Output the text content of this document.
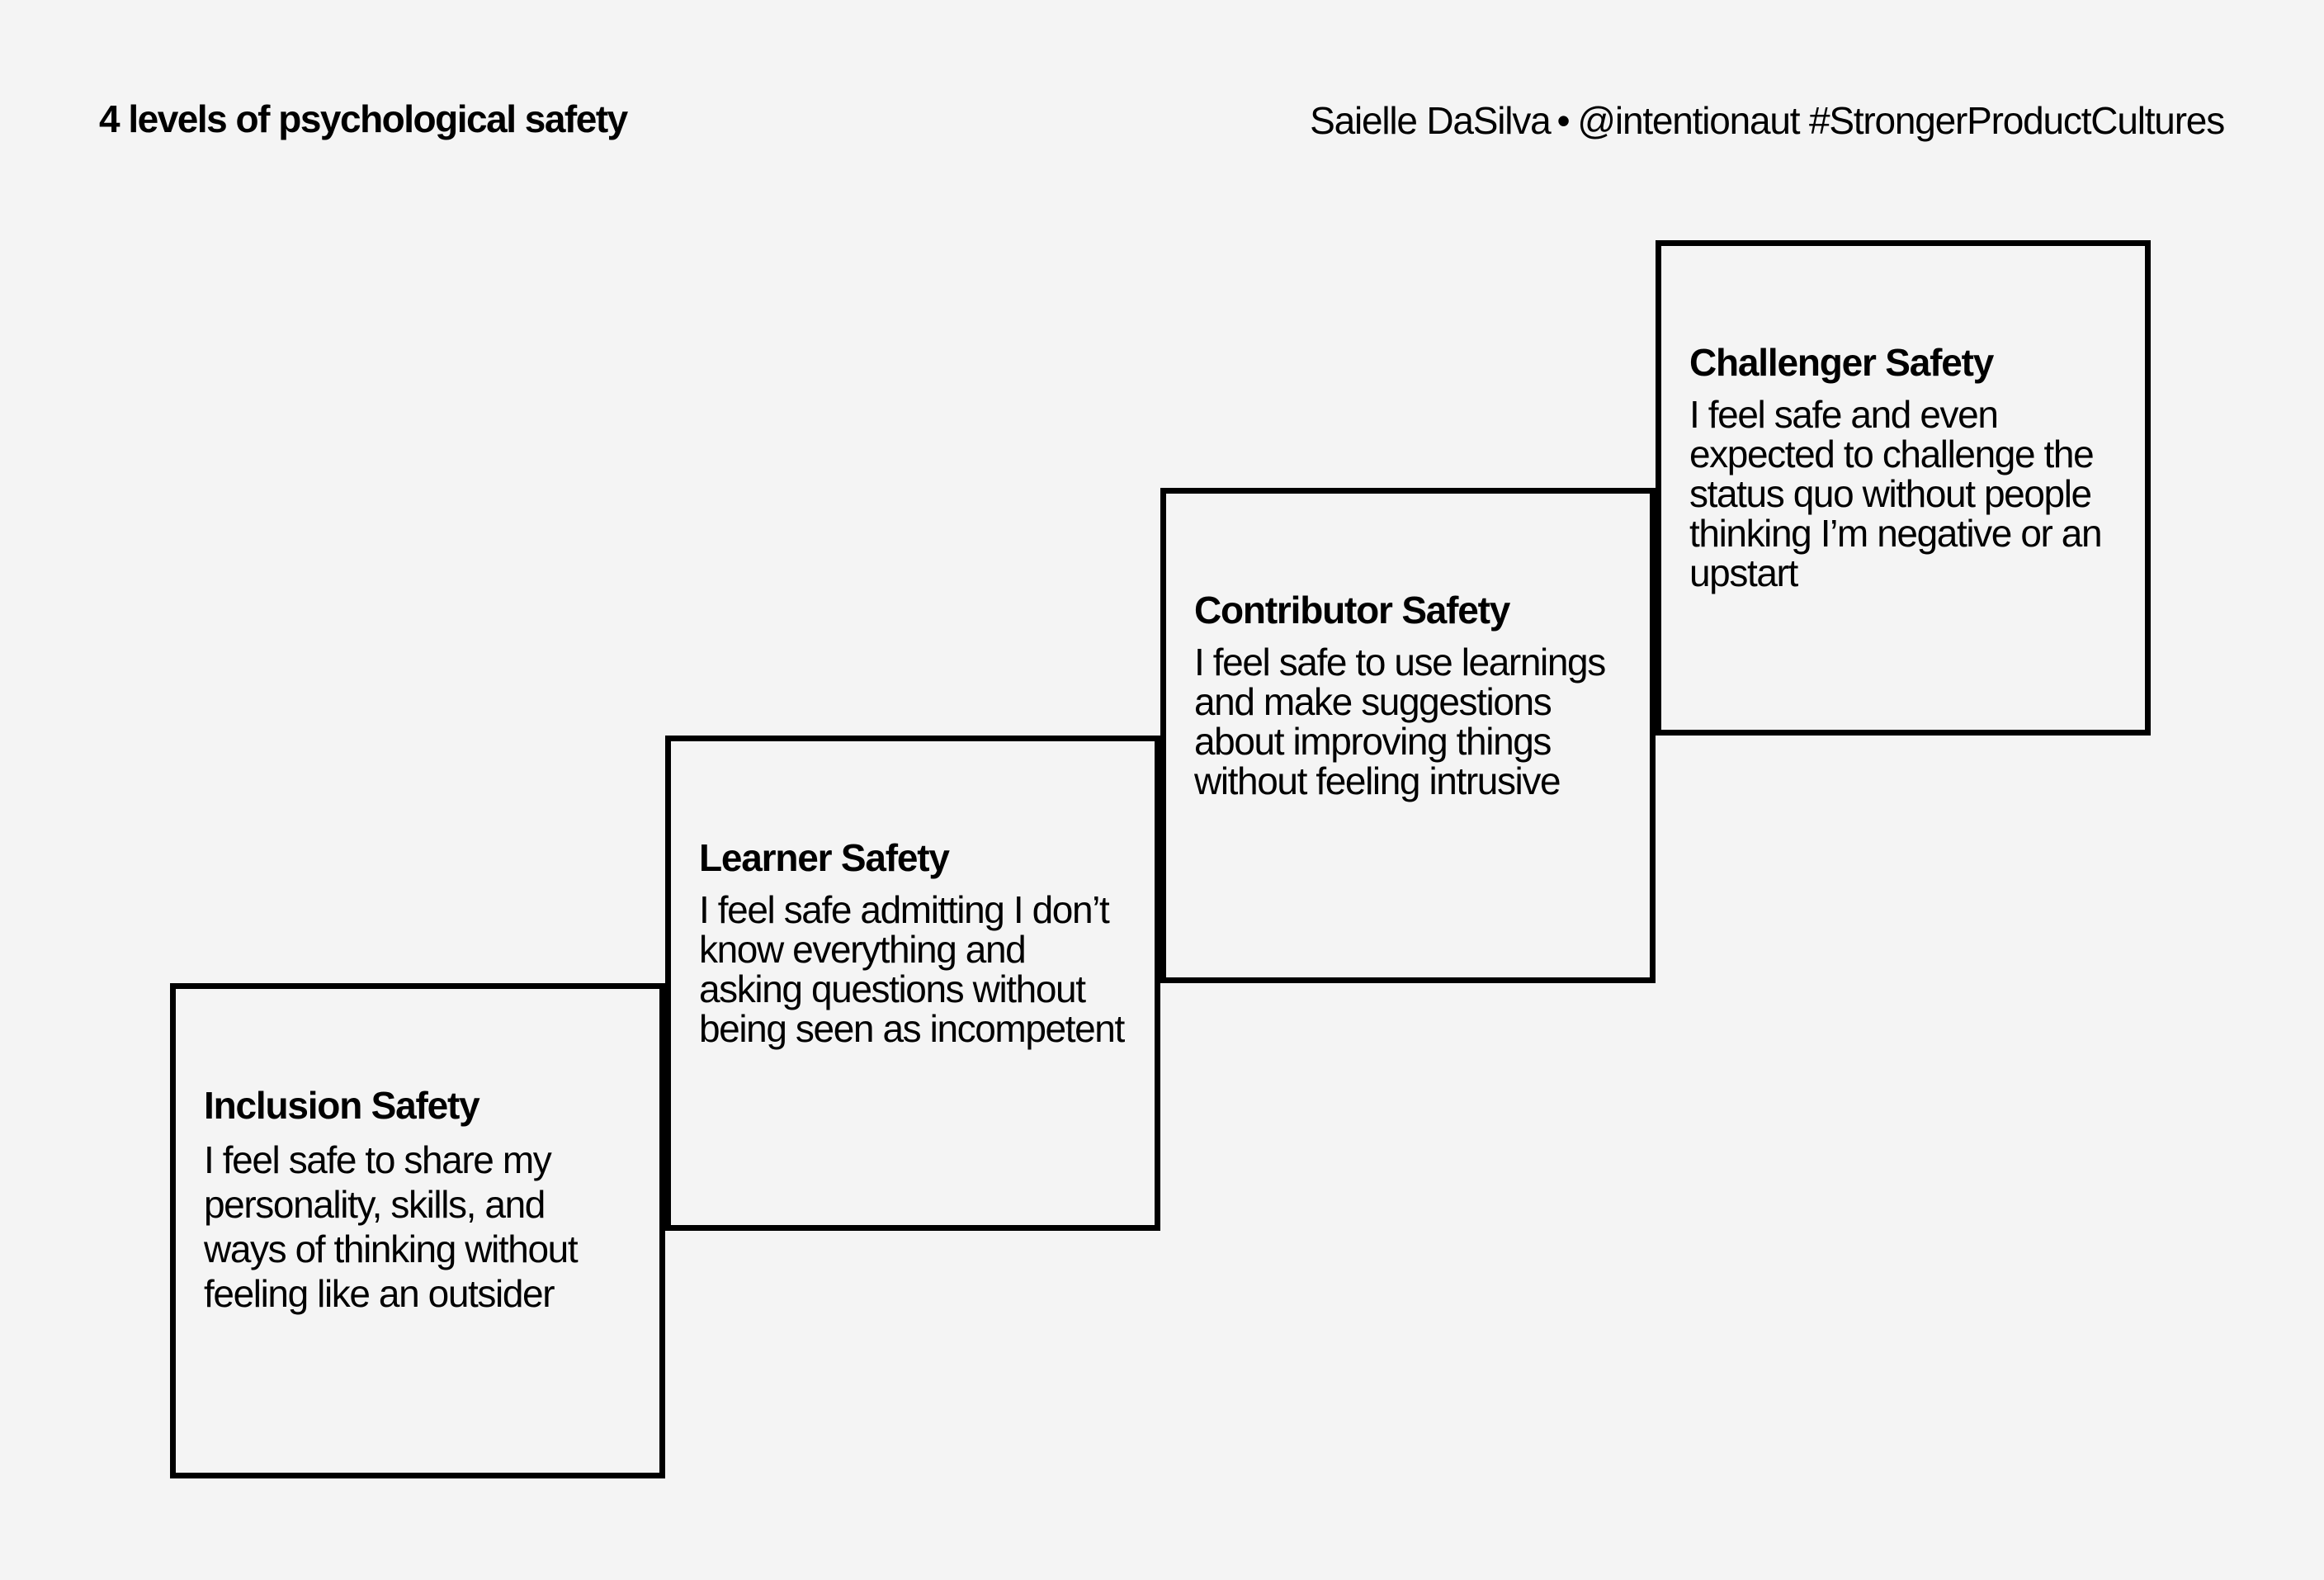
4 levels of psychological safety	Saielle DaSilva • @intentionaut #StrongerProductCultures
Inclusion Safety

I feel safe to share my personality, skills, and ways of thinking without feeling like an outsider

Learner Safety

I feel safe admitting I don’t know everything and asking questions without being seen as incompetent

Contributor Safety

I feel safe to use learnings and make suggestions about improving things without feeling intrusive

Challenger Safety

I feel safe and even expected to challenge the status quo without people thinking I’m negative or an upstart
